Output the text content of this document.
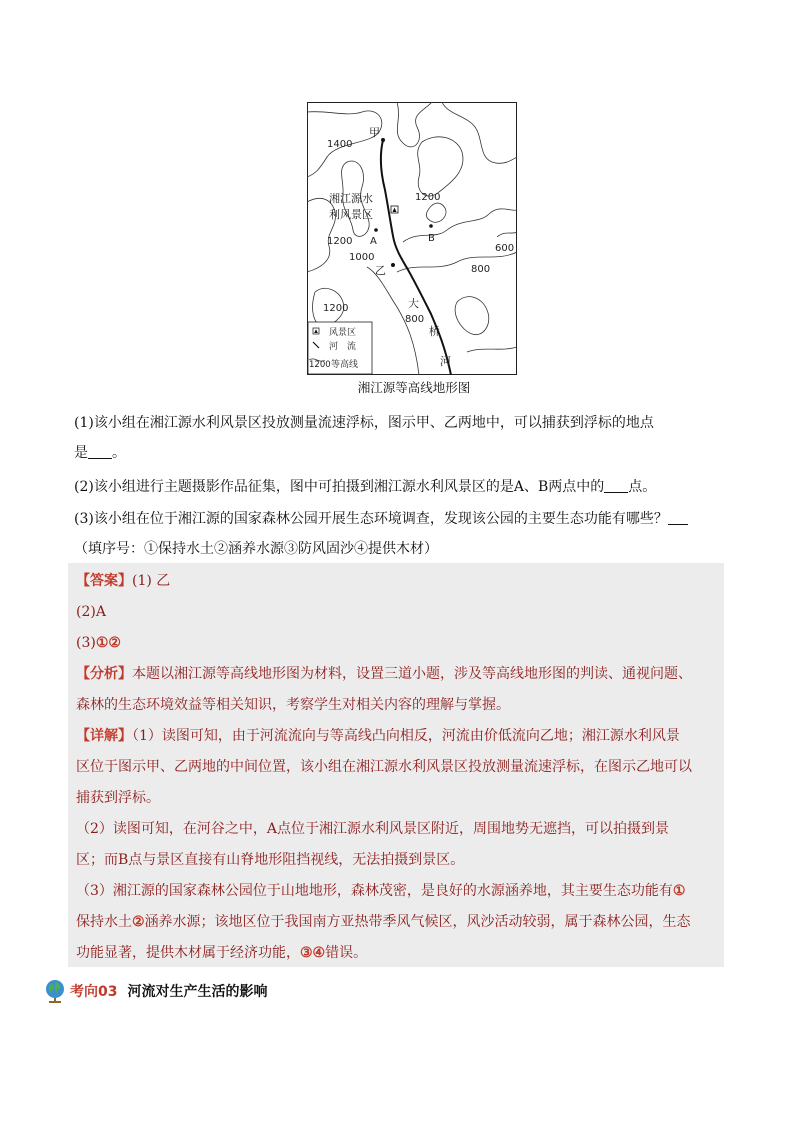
甲
1400
1200
湘江源水
利风景区
1200 A	B
600
1000
乙	800
1200	大
800
桥
河
风景区
河　流
1200 等高线
湘江源等高线地形图
(1)该小组在湘江源水利风景区投放测量流速浮标，图示甲、乙两地中，可以捕获到浮标的地点
是 。
(2)该小组进行主题摄影作品征集，图中可拍摄到湘江源水利风景区的是A、B两点中的 点。
(3)该小组在位于湘江源的国家森林公园开展生态环境调查，发现该公园的主要生态功能有哪些？
（填序号：①保持水土②涵养水源③防风固沙④提供木材）
【答案】(1) 乙
(2)A
(3)①②
【分析】本题以湘江源等高线地形图为材料，设置三道小题，涉及等高线地形图的判读、通视问题、
森林的生态环境效益等相关知识，考察学生对相关内容的理解与掌握。
【详解】（1）读图可知，由于河流流向与等高线凸向相反，河流由价低流向乙地；湘江源水利风景
区位于图示甲、乙两地的中间位置，该小组在湘江源水利风景区投放测量流速浮标，在图示乙地可以
捕获到浮标。
（2）读图可知，在河谷之中，A点位于湘江源水利风景区附近，周围地势无遮挡，可以拍摄到景
区；而B点与景区直接有山脊地形阻挡视线，无法拍摄到景区。
（3）湘江源的国家森林公园位于山地地形，森林茂密，是良好的水源涵养地，其主要生态功能有①
保持水土②涵养水源；该地区位于我国南方亚热带季风气候区，风沙活动较弱，属于森林公园，生态
功能显著，提供木材属于经济功能，③④错误。
考向03 河流对生产生活的影响
